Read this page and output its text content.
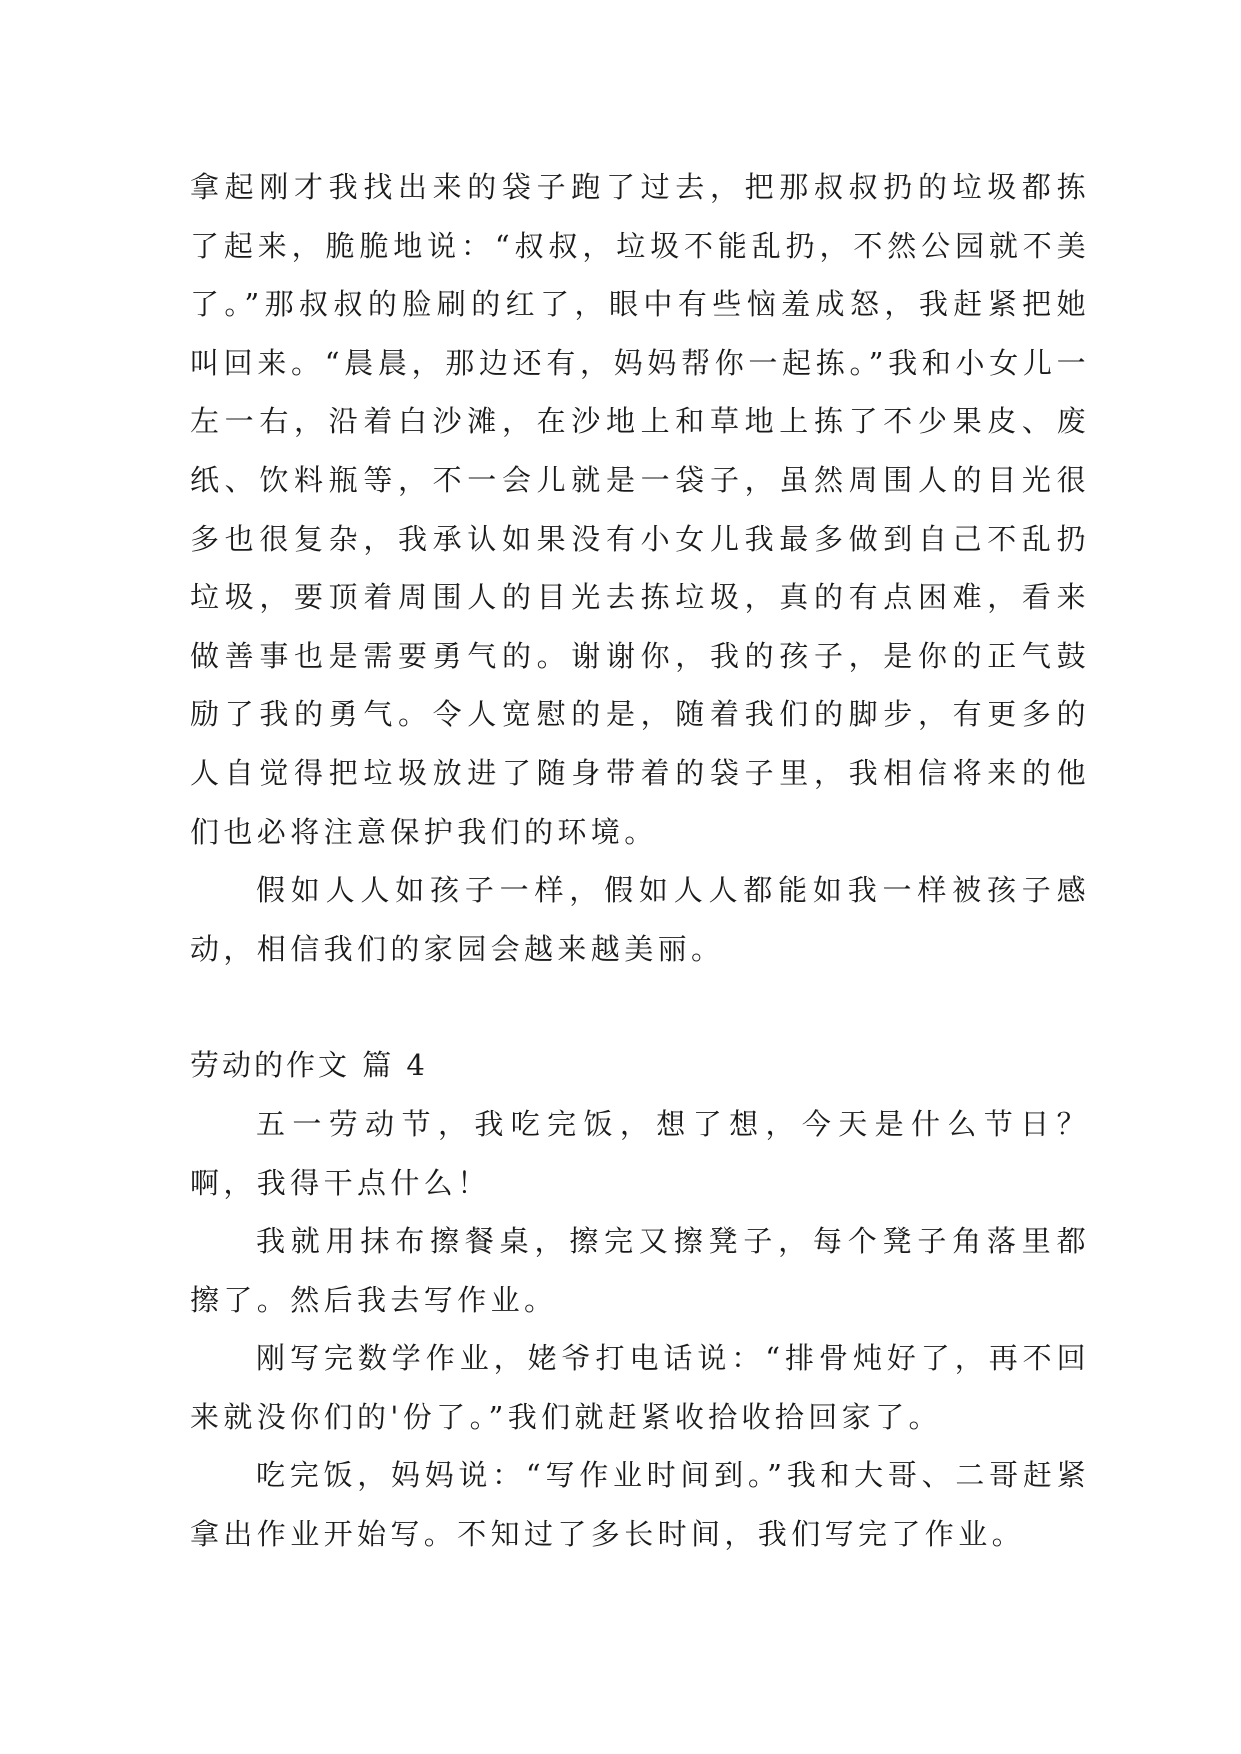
拿起刚才我找出来的袋子跑了过去，把那叔叔扔的垃圾都拣了起来，脆脆地说：“叔叔，垃圾不能乱扔，不然公园就不美了。”那叔叔的脸刷的红了，眼中有些恼羞成怒，我赶紧把她叫回来。“晨晨，那边还有，妈妈帮你一起拣。”我和小女儿一左一右，沿着白沙滩，在沙地上和草地上拣了不少果皮、废纸、饮料瓶等，不一会儿就是一袋子，虽然周围人的目光很多也很复杂，我承认如果没有小女儿我最多做到自己不乱扔垃圾，要顶着周围人的目光去拣垃圾，真的有点困难，看来做善事也是需要勇气的。谢谢你，我的孩子，是你的正气鼓励了我的勇气。令人宽慰的是，随着我们的脚步，有更多的人自觉得把垃圾放进了随身带着的袋子里，我相信将来的他们也必将注意保护我们的环境。

假如人人如孩子一样，假如人人都能如我一样被孩子感动，相信我们的家园会越来越美丽。

劳动的作文 篇 4

五一劳动节，我吃完饭，想了想，今天是什么节日？啊，我得干点什么！

我就用抹布擦餐桌，擦完又擦凳子，每个凳子角落里都擦了。然后我去写作业。

刚写完数学作业，姥爷打电话说：“排骨炖好了，再不回来就没你们的'份了。”我们就赶紧收拾收拾回家了。

吃完饭，妈妈说：“写作业时间到。”我和大哥、二哥赶紧拿出作业开始写。不知过了多长时间，我们写完了作业。
